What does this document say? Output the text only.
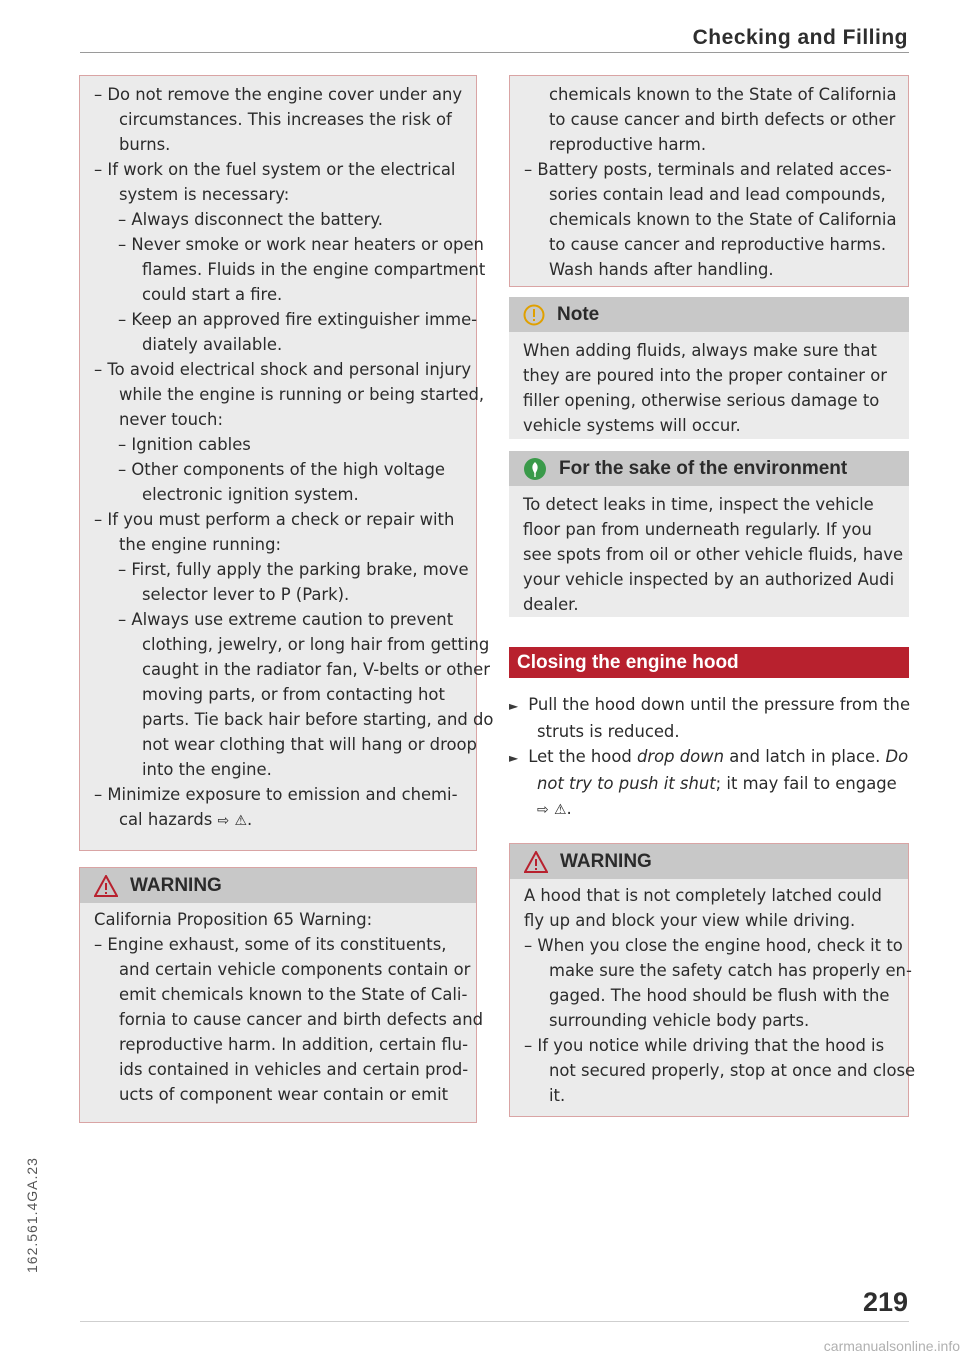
Checking and Filling
– Do not remove the engine cover under any
circumstances. This increases the risk of
burns.
– If work on the fuel system or the electrical
system is necessary:
– Always disconnect the battery.
– Never smoke or work near heaters or open
flames. Fluids in the engine compartment
could start a fire.
– Keep an approved fire extinguisher imme-
diately available.
– To avoid electrical shock and personal injury
while the engine is running or being started,
never touch:
– Ignition cables
– Other components of the high voltage
electronic ignition system.
– If you must perform a check or repair with
the engine running:
– First, fully apply the parking brake, move
selector lever to P (Park).
– Always use extreme caution to prevent
clothing, jewelry, or long hair from getting
caught in the radiator fan, V-belts or other
moving parts, or from contacting hot
parts. Tie back hair before starting, and do
not wear clothing that will hang or droop
into the engine.
– Minimize exposure to emission and chemi-
cal hazards ⇨ ⚠.
WARNING
California Proposition 65 Warning:
– Engine exhaust, some of its constituents,
and certain vehicle components contain or
emit chemicals known to the State of Cali-
fornia to cause cancer and birth defects and
reproductive harm. In addition, certain flu-
ids contained in vehicles and certain prod-
ucts of component wear contain or emit
chemicals known to the State of California
to cause cancer and birth defects or other
reproductive harm.
– Battery posts, terminals and related acces-
sories contain lead and lead compounds,
chemicals known to the State of California
to cause cancer and reproductive harms.
Wash hands after handling.
Note
When adding fluids, always make sure that
they are poured into the proper container or
filler opening, otherwise serious damage to
vehicle systems will occur.
For the sake of the environment
To detect leaks in time, inspect the vehicle
floor pan from underneath regularly. If you
see spots from oil or other vehicle fluids, have
your vehicle inspected by an authorized Audi
dealer.
Closing the engine hood
► Pull the hood down until the pressure from the
struts is reduced.
► Let the hood drop down and latch in place. Do
not try to push it shut; it may fail to engage
⇨ ⚠.
WARNING
A hood that is not completely latched could
fly up and block your view while driving.
– When you close the engine hood, check it to
make sure the safety catch has properly en-
gaged. The hood should be flush with the
surrounding vehicle body parts.
– If you notice while driving that the hood is
not secured properly, stop at once and close
it.
162.561.4GA.23
219
carmanualsonline.info
